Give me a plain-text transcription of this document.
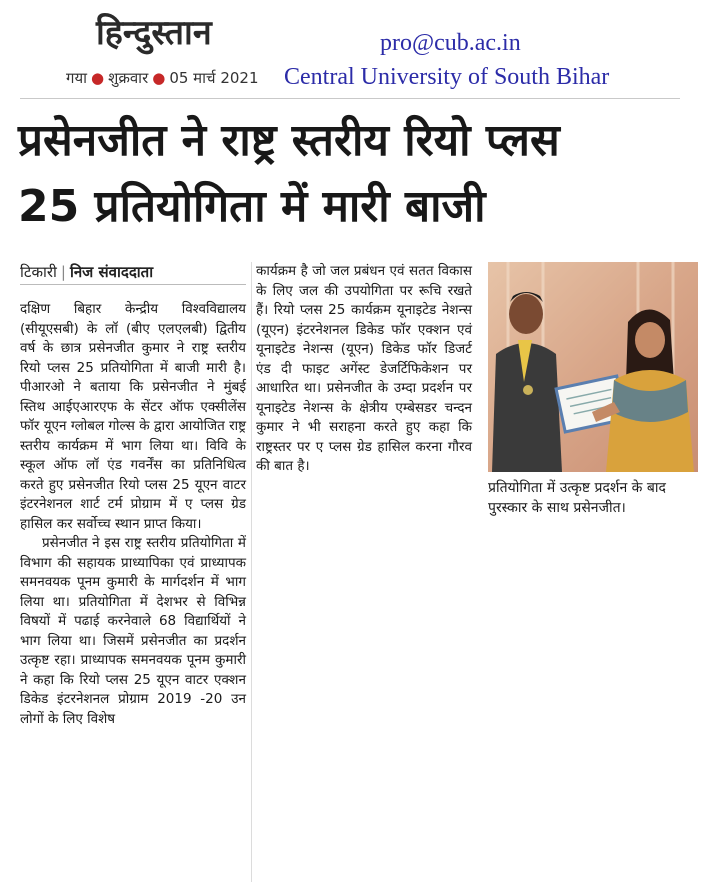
हिन्दुस्तान	pro@cub.ac.in
गया ● शुक्रवार ● 05 मार्च 2021 Central University of South Bihar
प्रसेनजीत ने राष्ट्र स्तरीय रियो प्लस
25 प्रतियोगिता में मारी बाजी
टिकारी | निज संवाददाता

दक्षिण बिहार केन्द्रीय विश्वविद्यालय (सीयूएसबी) के लॉ (बीए एलएलबी) द्वितीय वर्ष के छात्र प्रसेनजीत कुमार ने राष्ट्र स्तरीय रियो प्लस 25 प्रतियोगिता में बाजी मारी है। पीआरओ ने बताया कि प्रसेनजीत ने मुंबई स्तिथ आईएआरएफ के सेंटर ऑफ एक्सीलेंस फॉर यूएन ग्लोबल गोल्स के द्वारा आयोजित राष्ट्र स्तरीय कार्यक्रम में भाग लिया था। विवि के स्कूल ऑफ लॉ एंड गवर्नेंस का प्रतिनिधित्व करते हुए प्रसेनजीत रियो प्लस 25 यूएन वाटर इंटरनेशनल शार्ट टर्म प्रोग्राम में ए प्लस ग्रेड हासिल कर सर्वोच्च स्थान प्राप्त किया।

प्रसेनजीत ने इस राष्ट्र स्तरीय प्रतियोगिता में विभाग की सहायक प्राध्यापिका एवं प्राध्यापक समनवयक पूनम कुमारी के मार्गदर्शन में भाग लिया था। प्रतियोगिता में देशभर से विभिन्न विषयों में पढाई करनेवाले 68 विद्यार्थियों ने भाग लिया था। जिसमें प्रसेनजीत का प्रदर्शन उत्कृष्ट रहा। प्राध्यापक समनवयक पूनम कुमारी ने कहा कि रियो प्लस 25 यूएन वाटर एक्शन डिकेड इंटरनेशनल प्रोग्राम 2019 -20 उन लोगों के लिए विशेष

कार्यक्रम है जो जल प्रबंधन एवं सतत विकास के लिए जल की उपयोगिता पर रूचि रखते हैं। रियो प्लस 25 कार्यक्रम यूनाइटेड नेशन्स (यूएन) इंटरनेशनल डिकेड फॉर एक्शन एवं यूनाइटेड नेशन्स (यूएन) डिकेड फॉर डिजर्ट एंड दी फाइट अगेंस्ट डेजर्टिफिकेशन पर आधारित था। प्रसेनजीत के उम्दा प्रदर्शन पर यूनाइटेड नेशन्स के क्षेत्रीय एम्बेसडर चन्दन कुमार ने भी सराहना करते हुए कहा कि राष्ट्रस्तर पर ए प्लस ग्रेड हासिल करना गौरव की बात है।

प्रतियोगिता में उत्कृष्ट प्रदर्शन के बाद पुरस्कार के साथ प्रसेनजीत।
